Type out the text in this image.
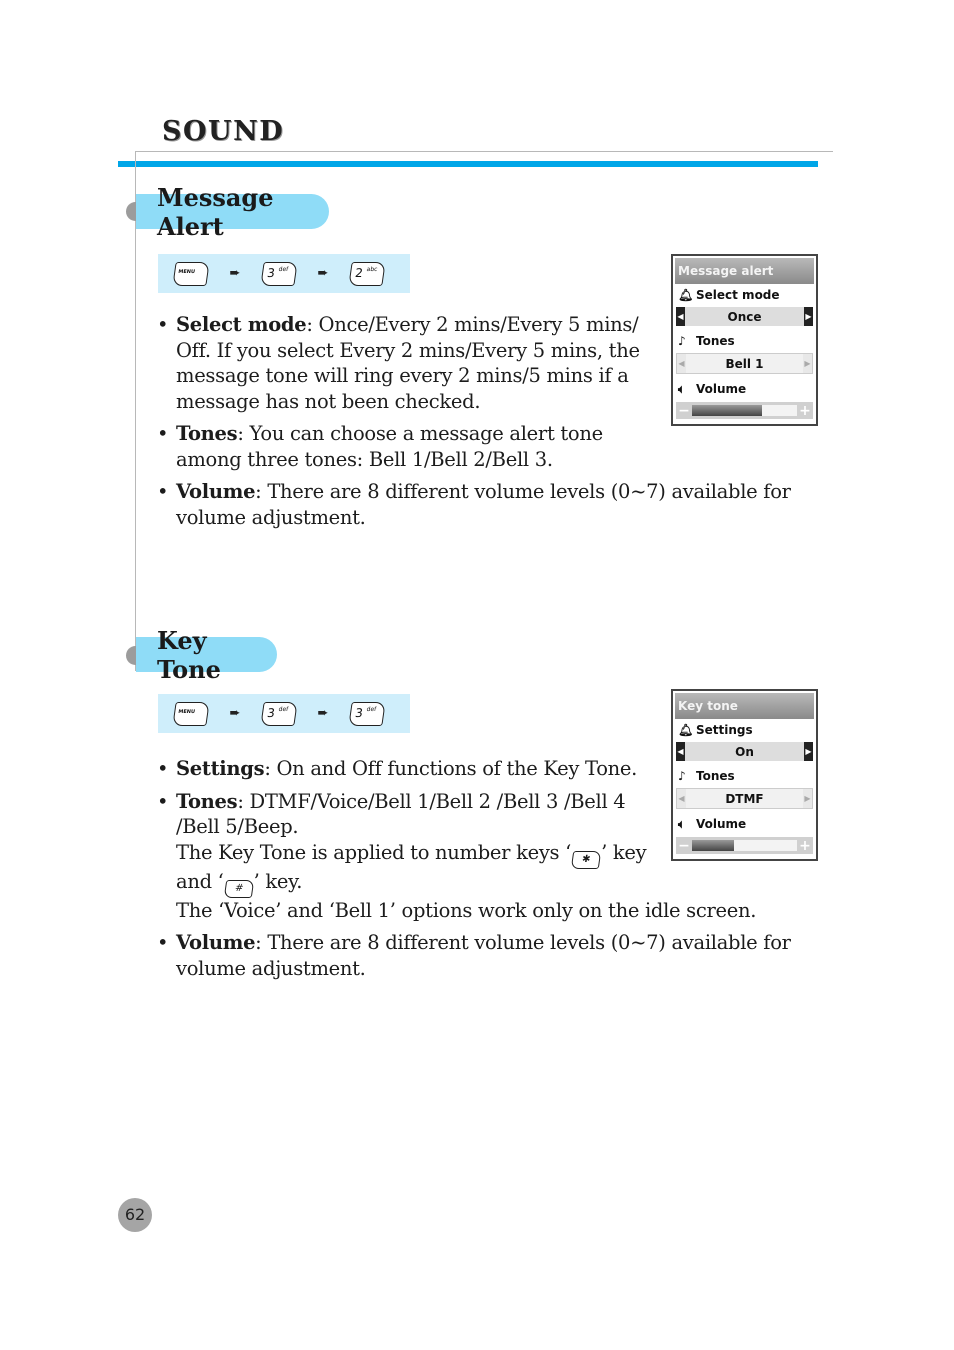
SOUND
Message Alert
MENU	➨	3 def	➨	2 abc
• Select mode: Once/Every 2 mins/Every 5 mins/ Off. If you select Every 2 mins/Every 5 mins, the message tone will ring every 2 mins/5 mins if a message has not been checked.
• Tones: You can choose a message alert tone among three tones: Bell 1/Bell 2/Bell 3.
• Volume: There are 8 different volume levels (0~7) available for volume adjustment.
Message alert
🔔︎ Select mode
◀	Once	▶
♪ Tones
◀	Bell 1	▶
🔈︎ Volume
−	+
Key Tone
MENU	➨	3 def	➨	3 def
• Settings: On and Off functions of the Key Tone.
• Tones: DTMF/Voice/Bell 1/Bell 2 /Bell 3 /Bell 4 /Bell 5/Beep.
The Key Tone is applied to number keys ‘ ✱ ’ key and ‘ # ’ key.
The ‘Voice’ and ‘Bell 1’ options work only on the idle screen.
• Volume: There are 8 different volume levels (0~7) available for volume adjustment.
Key tone
🔔︎ Settings
◀	On	▶
♪ Tones
◀	DTMF	▶
🔈︎ Volume
−	+
62
